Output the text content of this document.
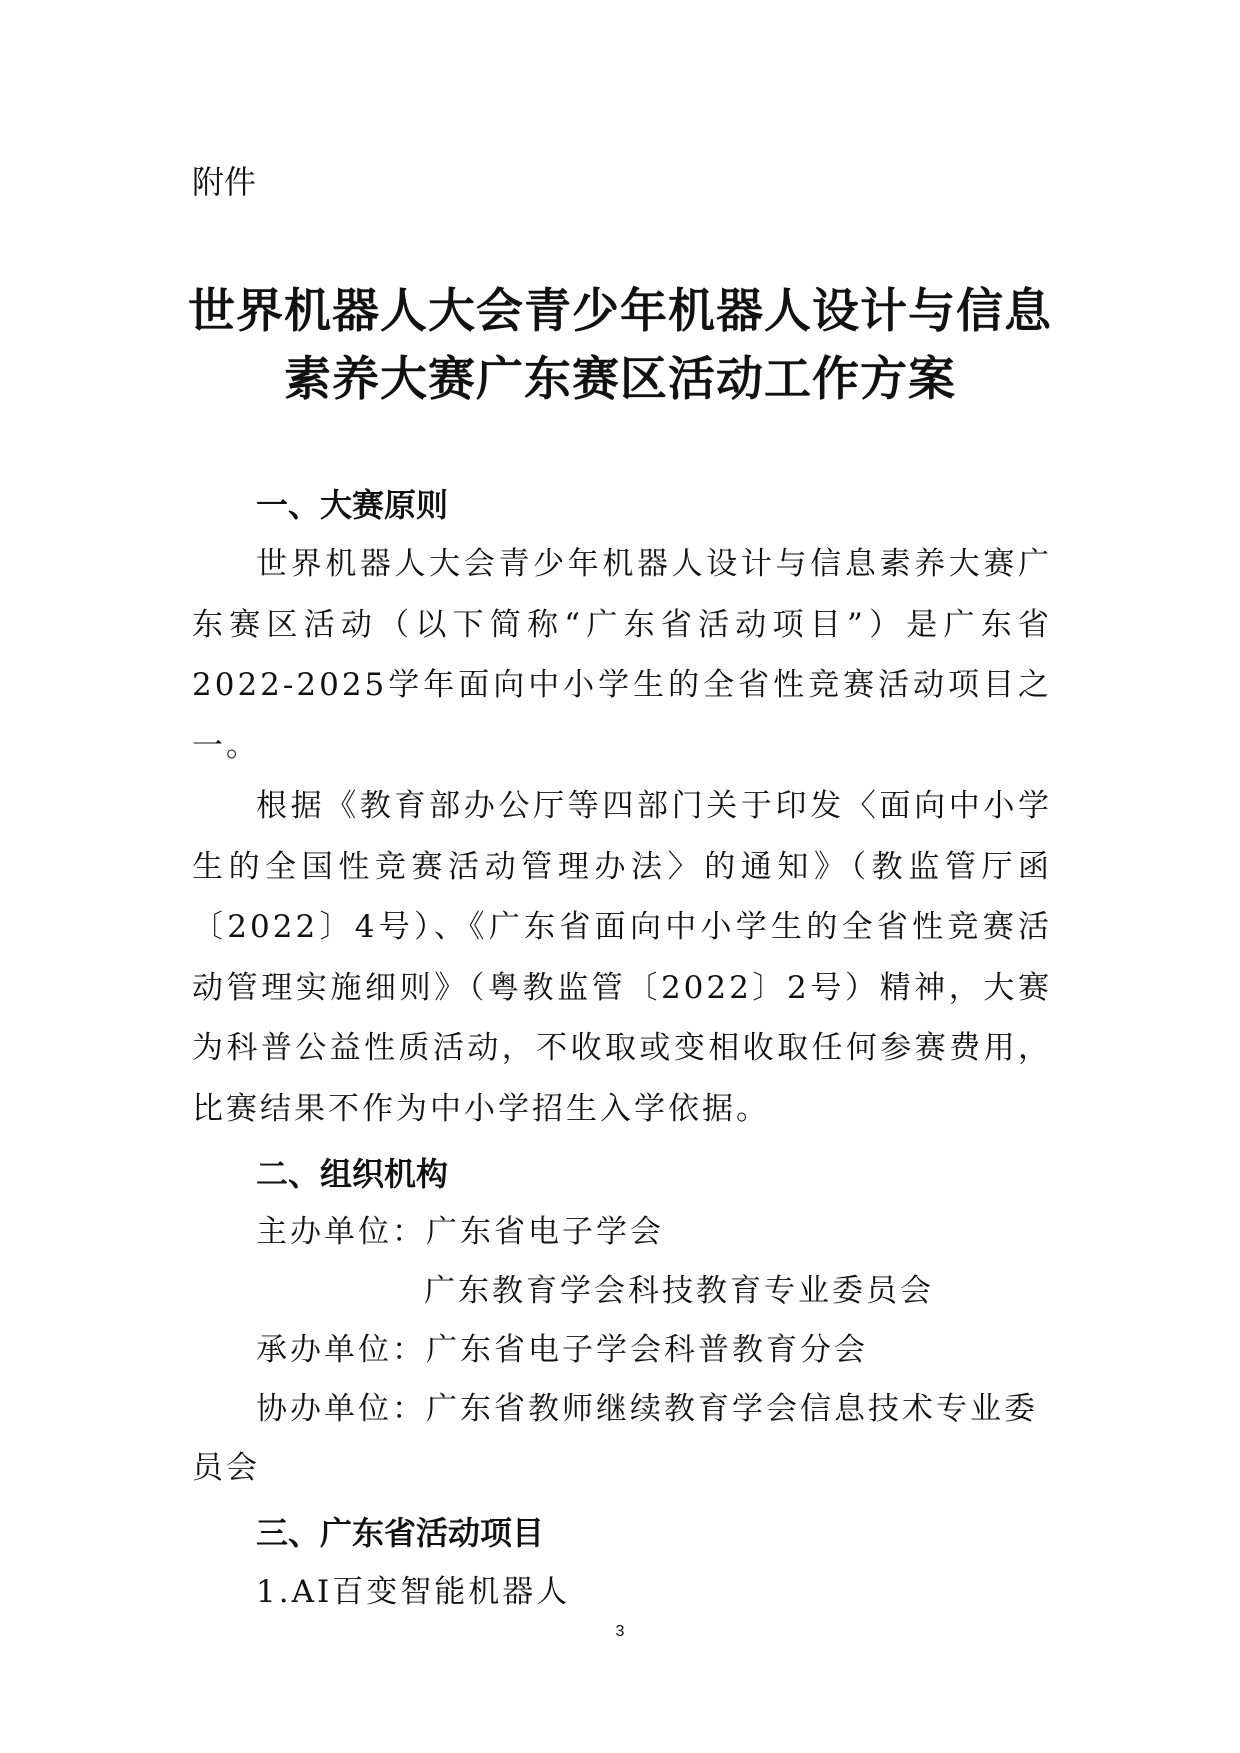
附件

世界机器人大会青少年机器人设计与信息
素养大赛广东赛区活动工作方案
一、大赛原则

世界机器人大会青少年机器人设计与信息素养大赛广东赛区活动（以下简称“广东省活动项目”）是广东省2022-2025学年面向中小学生的全省性竞赛活动项目之一。

根据《教育部办公厅等四部门关于印发〈面向中小学生的全国性竞赛活动管理办法〉的通知》（教监管厅函〔2022〕4号）、《广东省面向中小学生的全省性竞赛活动管理实施细则》（粤教监管〔2022〕2号）精神，大赛为科普公益性质活动，不收取或变相收取任何参赛费用，比赛结果不作为中小学招生入学依据。

二、组织机构

主办单位：广东省电子学会

广东教育学会科技教育专业委员会

承办单位：广东省电子学会科普教育分会

协办单位：广东省教师继续教育学会信息技术专业委员会

三、广东省活动项目

1.AI百变智能机器人

3
